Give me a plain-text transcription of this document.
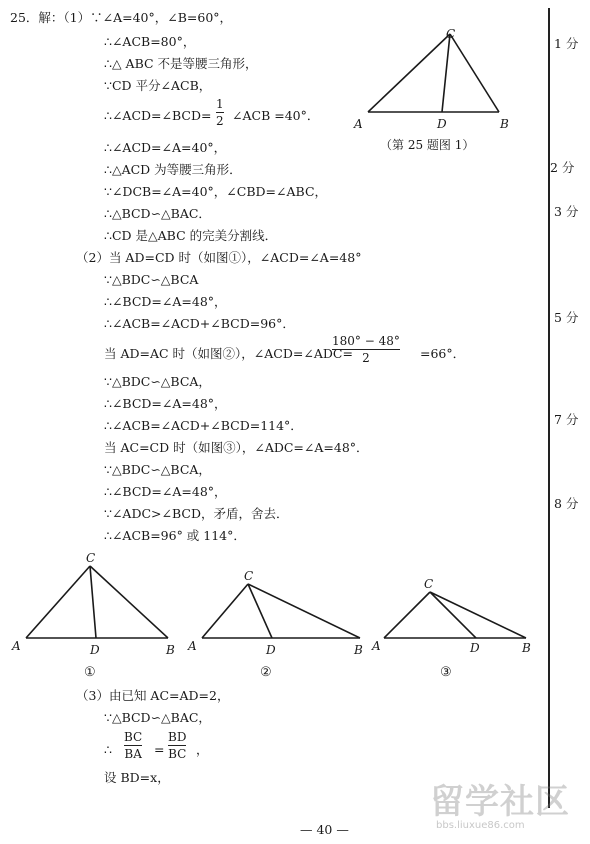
25．解：（1）∵∠A=40°，∠B=60°，
∴∠ACB=80°，
∴△ ABC 不是等腰三角形，
∵CD 平分∠ACB，
∴∠ACD=∠BCD=
1
2 ∠ACB =40°．
∴∠ACD=∠A=40°，
∴△ACD 为等腰三角形．
∵∠DCB=∠A=40°，∠CBD=∠ABC，
∴△BCD∽△BAC．
∴CD 是△ABC 的完美分割线．
C
A	D	B
（第 25 题图 1）
（2）当 AD=CD 时（如图①），∠ACD=∠A=48°
∵△BDC∽△BCA
∴∠BCD=∠A=48°，
∴∠ACB=∠ACD+∠BCD=96°．
当 AD=AC 时（如图②），∠ACD=∠ADC=
180° − 48°
2	=66°．
∵△BDC∽△BCA，
∴∠BCD=∠A=48°，
∴∠ACB=∠ACD+∠BCD=114°．
当 AC=CD 时（如图③），∠ADC=∠A=48°．
∵△BDC∽△BCA，
∴∠BCD=∠A=48°，
∵∠ADC>∠BCD，矛盾，舍去．
∴∠ACB=96° 或 114°．
1 分
2 分
3 分
5 分
7 分
8 分
C
A	D	B
C
A	D	B
C
A	D	B
①	②	③
（3）由已知 AC=AD=2，
∵△BCD∽△BAC，
∴
BC
BA =
BD
BC ，
设 BD=x，
— 40 —
留学社区
bbs.liuxue86.com
